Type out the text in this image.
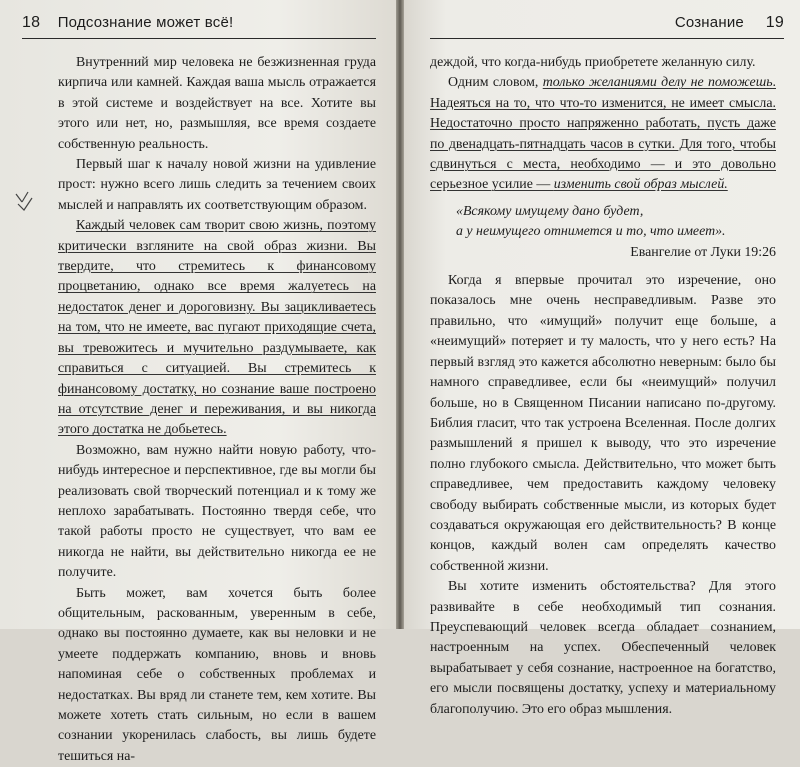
18 Подсознание может всё!

Внутренний мир человека не безжизненная груда кирпича или камней. Каждая ваша мысль отражается в этой системе и воздействует на все. Хотите вы этого или нет, но, размышляя, все время создаете собственную реальность.

Первый шаг к началу новой жизни на удивление прост: нужно всего лишь следить за течением своих мыслей и направлять их соответствующим образом.

Каждый человек сам творит свою жизнь, поэтому критически взгляните на свой образ жизни. Вы твердите, что стремитесь к финансовому процветанию, однако все время жалуетесь на недостаток денег и дороговизну. Вы зацикливаетесь на том, что не имеете, вас пугают приходящие счета, вы тревожитесь и мучительно раздумываете, как справиться с ситуацией. Вы стремитесь к финансовому достатку, но сознание ваше построено на отсутствие денег и переживания, и вы никогда этого достатка не добьетесь.

Возможно, вам нужно найти новую работу, что-нибудь интересное и перспективное, где вы могли бы реализовать свой творческий потенциал и к тому же неплохо зарабатывать. Постоянно твердя себе, что такой работы просто не существует, что вам ее никогда не найти, вы действительно никогда ее не получите.

Быть может, вам хочется быть более общительным, раскованным, уверенным в себе, однако вы постоянно думаете, как вы неловки и не умеете поддержать компанию, вновь и вновь напоминая себе о собственных проблемах и недостатках. Вы вряд ли станете тем, кем хотите. Вы можете хотеть стать сильным, но если в вашем сознании укоренилась слабость, вы лишь будете тешиться на-

Сознание 19

деждой, что когда-нибудь приобретете желанную силу.

Одним словом, только желаниями делу не поможешь. Надеяться на то, что что-то изменится, не имеет смысла. Недостаточно просто напряженно работать, пусть даже по двенадцать-пятнадцать часов в сутки. Для того, чтобы сдвинуться с места, необходимо — и это довольно серьезное усилие — изменить свой образ мыслей.

«Всякому имущему дано будет,
а у неимущего отнимется и то, что имеет».
Евангелие от Луки 19:26

Когда я впервые прочитал это изречение, оно показалось мне очень несправедливым. Разве это правильно, что «имущий» получит еще больше, а «неимущий» потеряет и ту малость, что у него есть? На первый взгляд это кажется абсолютно неверным: было бы намного справедливее, если бы «неимущий» получил больше, но в Священном Писании написано по-другому. Библия гласит, что так устроена Вселенная. После долгих размышлений я пришел к выводу, что это изречение полно глубокого смысла. Действительно, что может быть справедливее, чем предоставить каждому человеку свободу выбирать собственные мысли, из которых будет создаваться окружающая его действительность? В конце концов, каждый волен сам определять качество собственной жизни.

Вы хотите изменить обстоятельства? Для этого развивайте в себе необходимый тип сознания. Преуспевающий человек всегда обладает сознанием, настроенным на успех. Обеспеченный человек вырабатывает у себя сознание, настроенное на богатство, его мысли посвящены достатку, успеху и материальному благополучию. Это его образ мышления.
